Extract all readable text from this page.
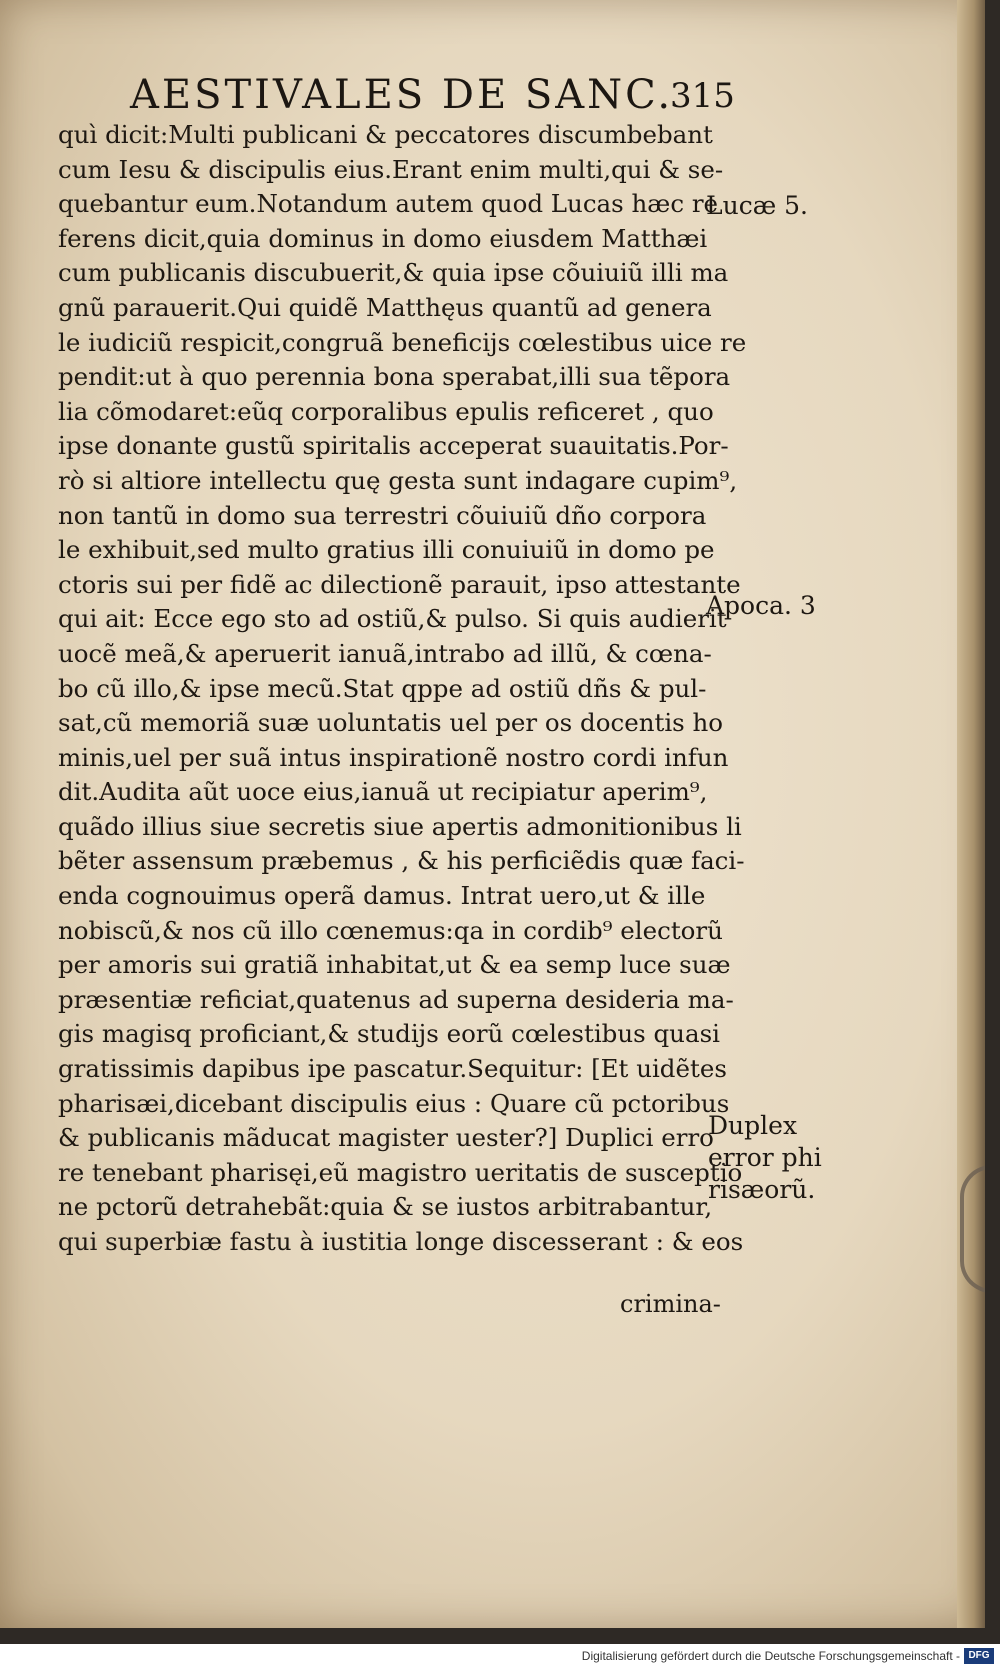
AESTIVALES DE SANC.
315
quì dicit:Multi publicani & peccatores discumbebant
cum Iesu & discipulis eius.Erant enim multi,qui & se-
quebantur eum.Notandum autem quod Lucas hæc re
ferens dicit,quia dominus in domo eiusdem Matthæi
cum publicanis discubuerit,& quia ipse cõuiuiũ illi ma
gnũ parauerit.Qui quidẽ Matthęus quantũ ad genera
le iudiciũ respicit,congruã beneficijs cœlestibus uice re
pendit:ut à quo perennia bona sperabat,illi sua tẽpora
lia cõmodaret:eũq corporalibus epulis reficeret , quo
ipse donante gustũ spiritalis acceperat suauitatis.Por-
rò si altiore intellectu quę gesta sunt indagare cupim⁹,
non tantũ in domo sua terrestri cõuiuiũ dño corpora
le exhibuit,sed multo gratius illi conuiuiũ in domo pe
ctoris sui per fidẽ ac dilectionẽ parauit, ipso attestante
qui ait: Ecce ego sto ad ostiũ,& pulso. Si quis audierit
uocẽ meã,& aperuerit ianuã,intrabo ad illũ, & cœna-
bo cũ illo,& ipse mecũ.Stat qppe ad ostiũ dñs & pul-
sat,cũ memoriã suæ uoluntatis uel per os docentis ho
minis,uel per suã intus inspirationẽ nostro cordi infun
dit.Audita aũt uoce eius,ianuã ut recipiatur aperim⁹,
quãdo illius siue secretis siue apertis admonitionibus li
bẽter assensum præbemus , & his perficiẽdis quæ faci-
enda cognouimus operã damus. Intrat uero,ut & ille
nobiscũ,& nos cũ illo cœnemus:qa in cordib⁹ electorũ
per amoris sui gratiã inhabitat,ut & ea semp luce suæ
præsentiæ reficiat,quatenus ad superna desideria ma-
gis magisq proficiant,& studijs eorũ cœlestibus quasi
gratissimis dapibus ipe pascatur.Sequitur: [Et uidẽtes
pharisæi,dicebant discipulis eius : Quare cũ pctoribus
& publicanis mãducat magister uester?] Duplici erro
re tenebant pharisęi,eũ magistro ueritatis de susceptio
ne pctorũ detrahebãt:quia & se iustos arbitrabantur,
qui superbiæ fastu à iustitia longe discesserant : & eos
Lucæ 5.
Apoca. 3
Duplex
error phi
risæorũ.
crimina-
Digitalisierung gefördert durch die Deutsche Forschungsgemeinschaft - DFG
